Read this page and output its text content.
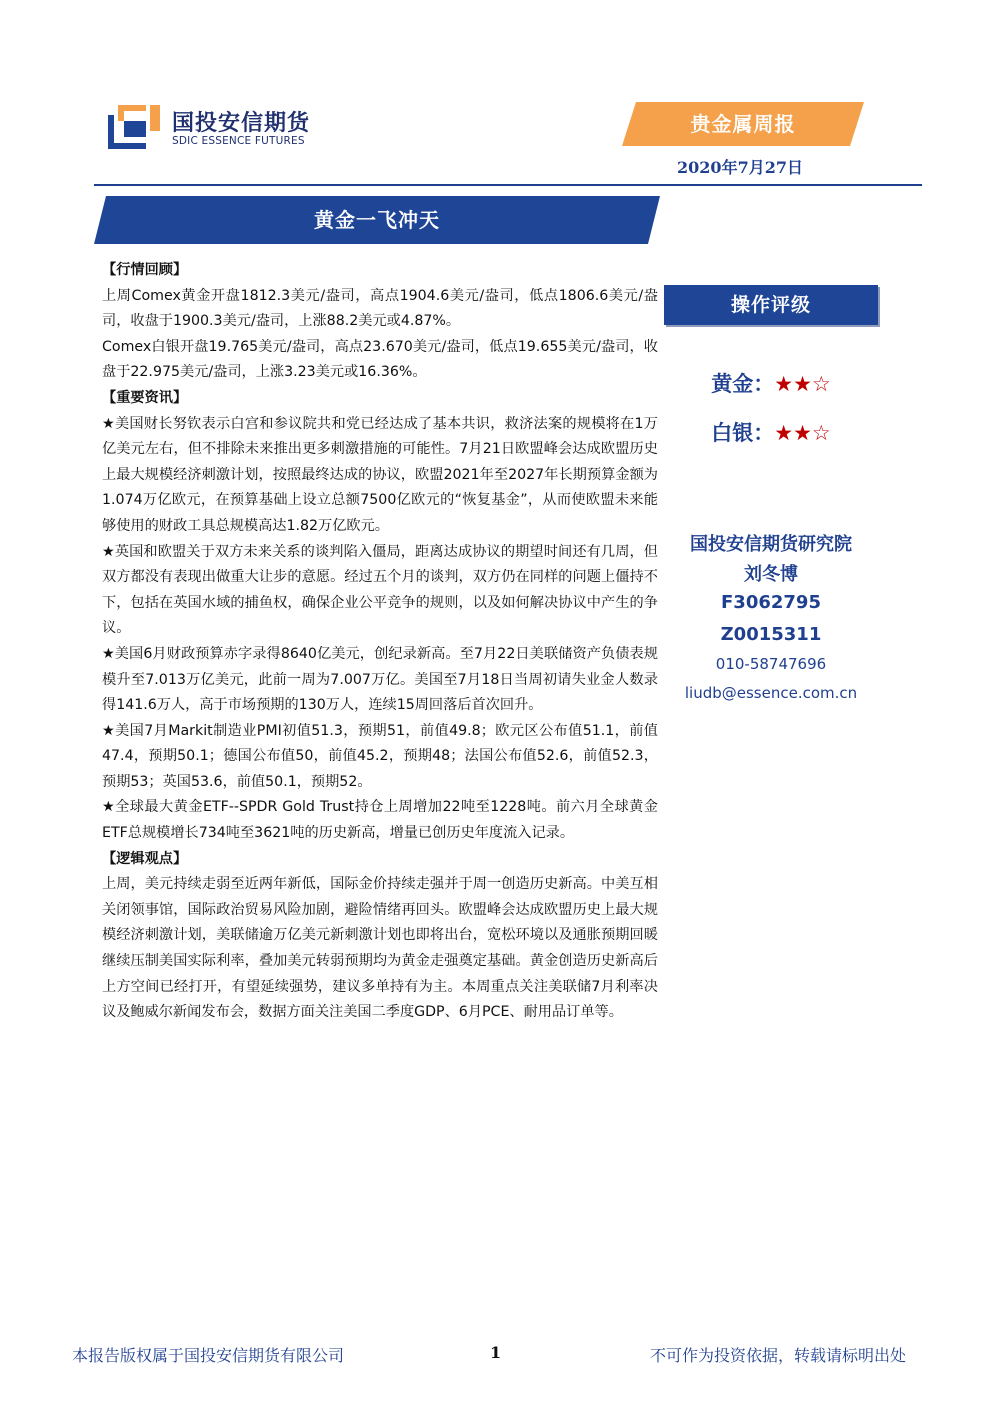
国投安信期货
SDIC ESSENCE FUTURES
贵金属周报
2020年7月27日
黄金一飞冲天

【行情回顾】

上周Comex黄金开盘1812.3美元/盎司，高点1904.6美元/盎司，低点1806.6美元/盎司，收盘于1900.3美元/盎司，上涨88.2美元或4.87%。

Comex白银开盘19.765美元/盎司，高点23.670美元/盎司，低点19.655美元/盎司，收盘于22.975美元/盎司，上涨3.23美元或16.36%。

【重要资讯】

★美国财长努钦表示白宫和参议院共和党已经达成了基本共识，救济法案的规模将在1万亿美元左右，但不排除未来推出更多刺激措施的可能性。7月21日欧盟峰会达成欧盟历史上最大规模经济刺激计划，按照最终达成的协议，欧盟2021年至2027年长期预算金额为1.074万亿欧元，在预算基础上设立总额7500亿欧元的“恢复基金”，从而使欧盟未来能够使用的财政工具总规模高达1.82万亿欧元。

★英国和欧盟关于双方未来关系的谈判陷入僵局，距离达成协议的期望时间还有几周，但双方都没有表现出做重大让步的意愿。经过五个月的谈判，双方仍在同样的问题上僵持不下，包括在英国水域的捕鱼权，确保企业公平竞争的规则，以及如何解决协议中产生的争议。

★美国6月财政预算赤字录得8640亿美元，创纪录新高。至7月22日美联储资产负债表规模升至7.013万亿美元，此前一周为7.007万亿。美国至7月18日当周初请失业金人数录得141.6万人，高于市场预期的130万人，连续15周回落后首次回升。

★美国7月Markit制造业PMI初值51.3，预期51，前值49.8；欧元区公布值51.1，前值47.4，预期50.1；德国公布值50，前值45.2，预期48；法国公布值52.6，前值52.3，预期53；英国53.6，前值50.1，预期52。

★全球最大黄金ETF--SPDR Gold Trust持仓上周增加22吨至1228吨。前六月全球黄金ETF总规模增长734吨至3621吨的历史新高，增量已创历史年度流入记录。

【逻辑观点】

上周，美元持续走弱至近两年新低，国际金价持续走强并于周一创造历史新高。中美互相关闭领事馆，国际政治贸易风险加剧，避险情绪再回头。欧盟峰会达成欧盟历史上最大规模经济刺激计划，美联储逾万亿美元新刺激计划也即将出台，宽松环境以及通胀预期回暖继续压制美国实际利率，叠加美元转弱预期均为黄金走强奠定基础。黄金创造历史新高后上方空间已经打开，有望延续强势，建议多单持有为主。本周重点关注美联储7月利率决议及鲍威尔新闻发布会，数据方面关注美国二季度GDP、6月PCE、耐用品订单等。

操作评级
黄金：★★☆
白银：★★☆
国投安信期货研究院
刘冬博
F3062795
Z0015311
010-58747696
liudb@essence.com.cn
本报告版权属于国投安信期货有限公司	1	不可作为投资依据，转载请标明出处
